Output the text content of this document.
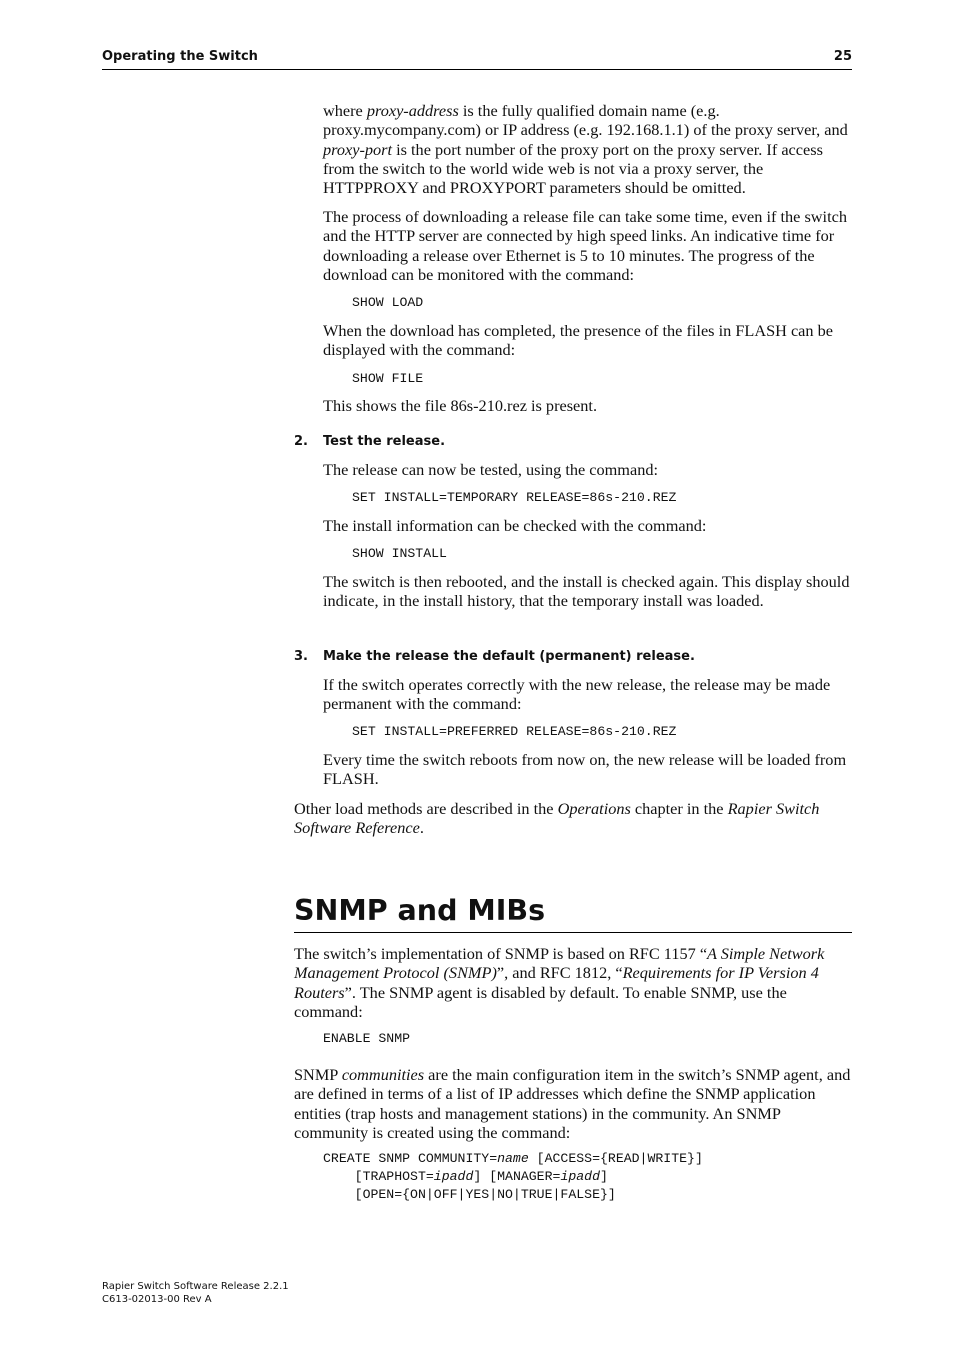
Operating the Switch	25

where proxy-address is the fully qualified domain name (e.g. proxy.mycompany.com) or IP address (e.g. 192.168.1.1) of the proxy server, and proxy-port is the port number of the proxy port on the proxy server. If access from the switch to the world wide web is not via a proxy server, the HTTPPROXY and PROXYPORT parameters should be omitted.

The process of downloading a release file can take some time, even if the switch and the HTTP server are connected by high speed links. An indicative time for downloading a release over Ethernet is 5 to 10 minutes. The progress of the download can be monitored with the command:

SHOW LOAD

When the download has completed, the presence of the files in FLASH can be displayed with the command:

SHOW FILE

This shows the file 86s-210.rez is present.

2. Test the release.

The release can now be tested, using the command:

SET INSTALL=TEMPORARY RELEASE=86s-210.REZ

The install information can be checked with the command:

SHOW INSTALL

The switch is then rebooted, and the install is checked again. This display should indicate, in the install history, that the temporary install was loaded.

3. Make the release the default (permanent) release.

If the switch operates correctly with the new release, the release may be made permanent with the command:

SET INSTALL=PREFERRED RELEASE=86s-210.REZ

Every time the switch reboots from now on, the new release will be loaded from FLASH.

Other load methods are described in the Operations chapter in the Rapier Switch Software Reference.

SNMP and MIBs

The switch’s implementation of SNMP is based on RFC 1157 “A Simple Network Management Protocol (SNMP)”, and RFC 1812, “Requirements for IP Version 4 Routers”. The SNMP agent is disabled by default. To enable SNMP, use the command:

ENABLE SNMP

SNMP communities are the main configuration item in the switch’s SNMP agent, and are defined in terms of a list of IP addresses which define the SNMP application entities (trap hosts and management stations) in the community. An SNMP community is created using the command:

CREATE SNMP COMMUNITY=name [ACCESS={READ|WRITE}]
[TRAPHOST=ipadd] [MANAGER=ipadd]
[OPEN={ON|OFF|YES|NO|TRUE|FALSE}]
Rapier Switch Software Release 2.2.1
C613-02013-00 Rev A
